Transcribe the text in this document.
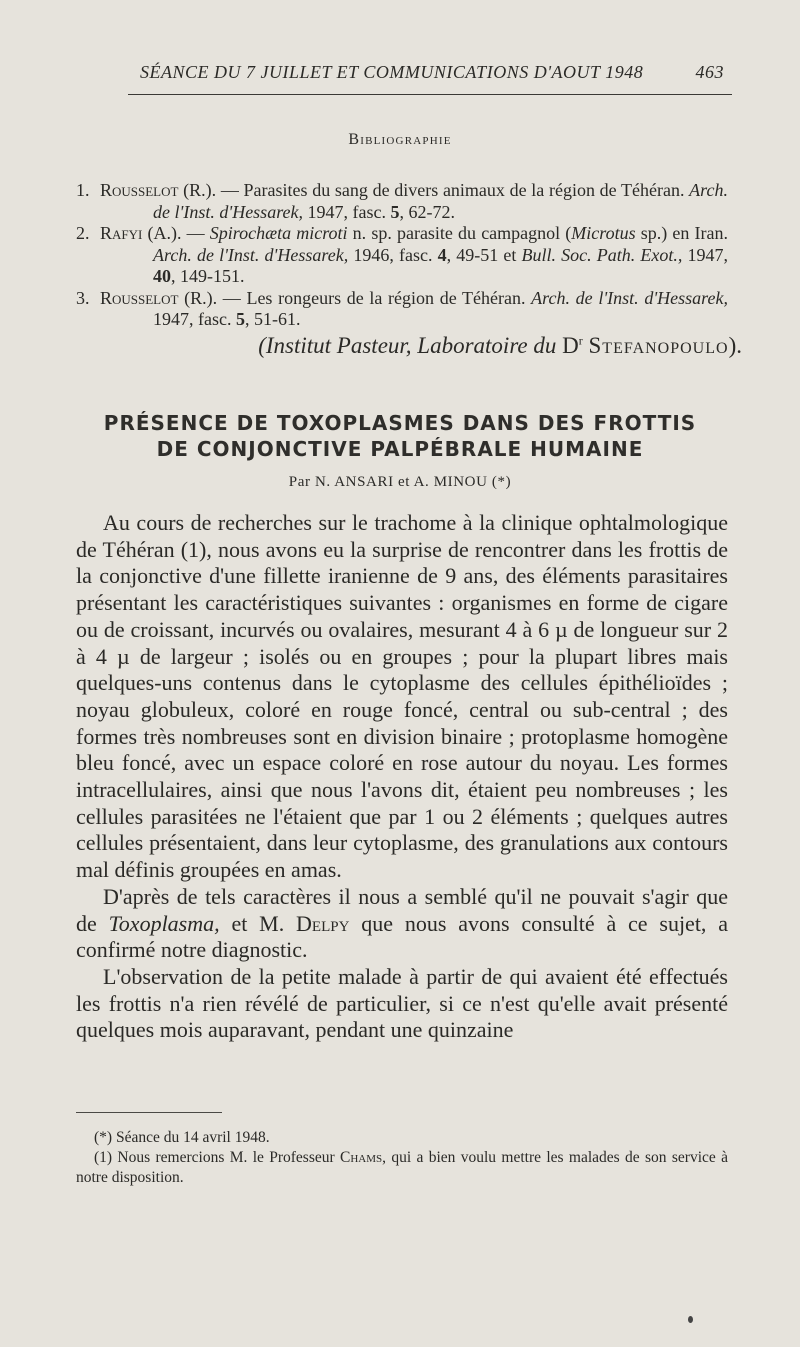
SÉANCE DU 7 JUILLET ET COMMUNICATIONS D'AOUT 1948	463
Bibliographie
1. Rousselot (R.). — Parasites du sang de divers animaux de la région de Téhéran. Arch. de l'Inst. d'Hessarek, 1947, fasc. 5, 62-72.
2. Rafyi (A.). — Spirochæta microti n. sp. parasite du campagnol (Microtus sp.) en Iran. Arch. de l'Inst. d'Hessarek, 1946, fasc. 4, 49-51 et Bull. Soc. Path. Exot., 1947, 40, 149-151.
3. Rousselot (R.). — Les rongeurs de la région de Téhéran. Arch. de l'Inst. d'Hessarek, 1947, fasc. 5, 51-61.
(Institut Pasteur, Laboratoire du $D^r$ Stefanopoulo).
PRÉSENCE DE TOXOPLASMES DANS DES FROTTIS
DE CONJONCTIVE PALPÉBRALE HUMAINE
Par N. ANSARI et A. MINOU (*)

Au cours de recherches sur le trachome à la clinique ophtalmologique de Téhéran (1), nous avons eu la surprise de rencontrer dans les frottis de la conjonctive d'une fillette iranienne de 9 ans, des éléments parasitaires présentant les caractéristiques suivantes : organismes en forme de cigare ou de croissant, incurvés ou ovalaires, mesurant 4 à 6 µ de longueur sur 2 à 4 µ de largeur ; isolés ou en groupes ; pour la plupart libres mais quelques-uns contenus dans le cytoplasme des cellules épithélioïdes ; noyau globuleux, coloré en rouge foncé, central ou sub-central ; des formes très nombreuses sont en division binaire ; protoplasme homogène bleu foncé, avec un espace coloré en rose autour du noyau. Les formes intracellulaires, ainsi que nous l'avons dit, étaient peu nombreuses ; les cellules parasitées ne l'étaient que par 1 ou 2 éléments ; quelques autres cellules présentaient, dans leur cytoplasme, des granulations aux contours mal définis groupées en amas.

D'après de tels caractères il nous a semblé qu'il ne pouvait s'agir que de Toxoplasma, et M. Delpy que nous avons consulté à ce sujet, a confirmé notre diagnostic.

L'observation de la petite malade à partir de qui avaient été effectués les frottis n'a rien révélé de particulier, si ce n'est qu'elle avait présenté quelques mois auparavant, pendant une quinzaine

(*) Séance du 14 avril 1948.

(1) Nous remercions M. le Professeur Chams, qui a bien voulu mettre les malades de son service à notre disposition.
